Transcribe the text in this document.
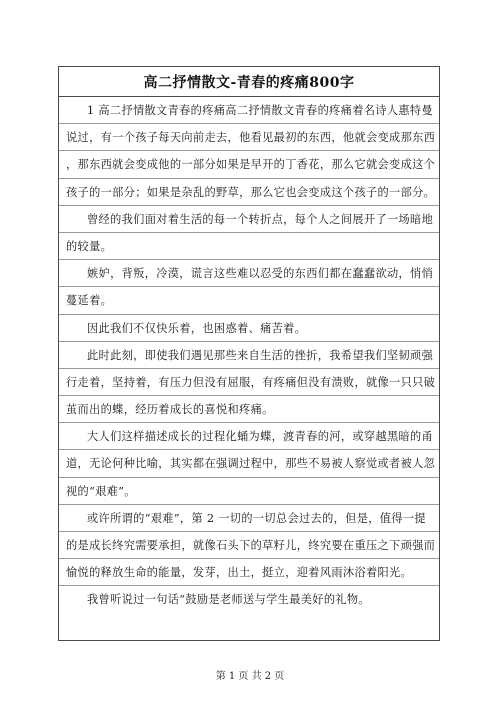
高二抒情散文-青春的疼痛800字
1 高二抒情散文青春的疼痛高二抒情散文青春的疼痛着名诗人惠特曼
说过，有一个孩子每天向前走去，他看见最初的东西，他就会变成那东西
，那东西就会变成他的一部分如果是早开的丁香花，那么它就会变成这个
孩子的一部分；如果是杂乱的野草，那么它也会变成这个孩子的一部分。
曾经的我们面对着生活的每一个转折点，每个人之间展开了一场暗地
的较量。
嫉妒，背叛，冷漠，谎言这些难以忍受的东西们都在蠢蠢欲动，悄悄
蔓延着。
因此我们不仅快乐着，也困惑着、痛苦着。
此时此刻，即使我们遇见那些来自生活的挫折，我希望我们坚韧顽强
行走着，坚持着，有压力但没有屈服，有疼痛但没有溃败，就像一只只破
茧而出的蝶，经历着成长的喜悦和疼痛。
大人们这样描述成长的过程化蛹为蝶，渡青春的河，或穿越黑暗的甬
道，无论何种比喻，其实都在强调过程中，那些不易被人察觉或者被人忽
视的“艰难”。
或许所谓的“艰难”，第 2 一切的一切总会过去的，但是，值得一提
的是成长终究需要承担，就像石头下的草籽儿，终究要在重压之下顽强而
愉悦的释放生命的能量，发芽，出土，挺立，迎着风雨沐浴着阳光。
我曾听说过一句话“鼓励是老师送与学生最美好的礼物。
第 1 页 共 2 页
